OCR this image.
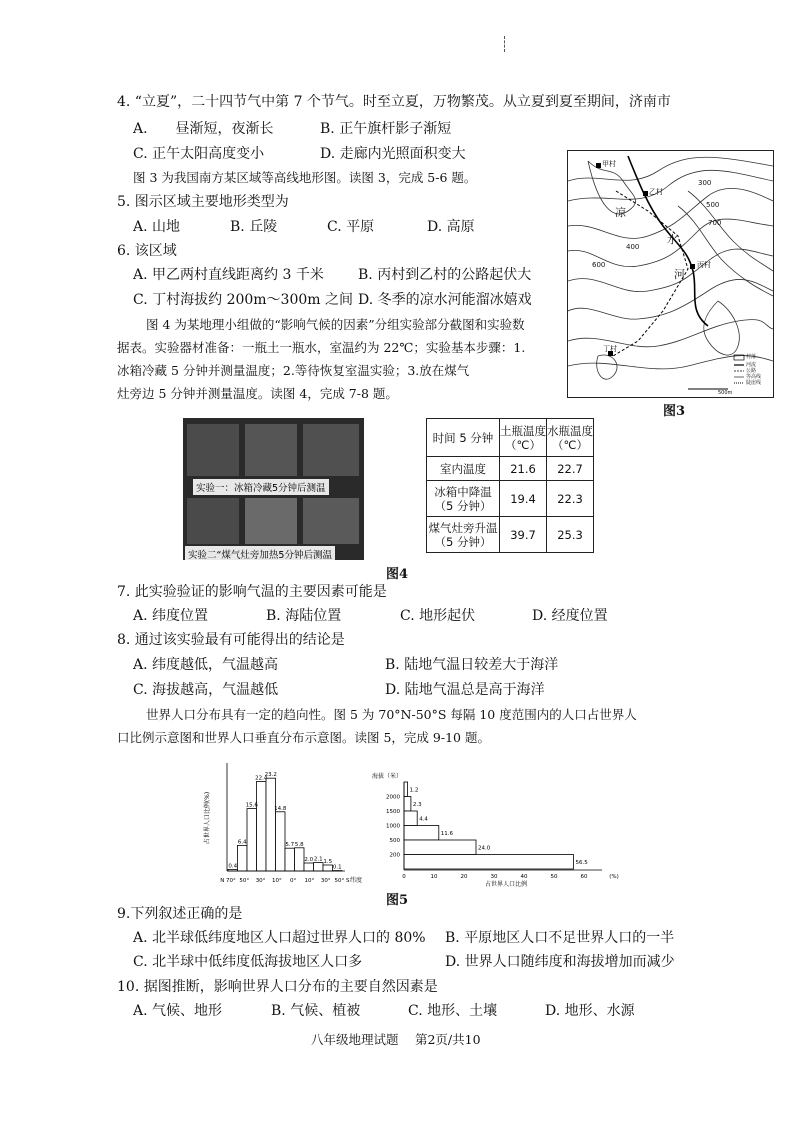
4. “立夏”，二十四节气中第 7 个节气。时至立夏，万物繁茂。从立夏到夏至期间，济南市
A.　　昼渐短，夜渐长	B. 正午旗杆影子渐短
C. 正午太阳高度变小	D. 走廊内光照面积变大
图 3 为我国南方某区域等高线地形图。读图 3，完成 5-6 题。
5. 图示区域主要地形类型为
A. 山地	B. 丘陵	C. 平原	D. 高原
6. 该区域
A. 甲乙两村直线距离约 3 千米 B. 丙村到乙村的公路起伏大
C. 丁村海拔约 200m～300m 之间 D. 冬季的凉水河能溜冰嬉戏
图 4 为某地理小组做的“影响气候的因素”分组实验部分截图和实验数
据表。实验器材准备：一瓶土一瓶水，室温约为 22℃；实验基本步骤：1.
冰箱冷藏 5 分钟并测量温度；2.等待恢复室温实验；3.放在煤气
灶旁边 5 分钟并测量温度。读图 4，完成 7-8 题。
甲村
乙村
丙村
丁村
凉
水
河
300
400
500
600
700
村落
河流
公路
等高线
陡崖线
500m
图3
实验一：冰箱冷藏5分钟后测温
实验二“煤气灶旁加热5分钟后测温
时间 5 分钟	土瓶温度（℃）	水瓶温度（℃）
室内温度	21.6	22.7
冰箱中降温（5 分钟）	19.4	22.3
煤气灶旁升温（5 分钟）	39.7	25.3
图4
7. 此实验验证的影响气温的主要因素可能是
A. 纬度位置	B. 海陆位置	C. 地形起伏	D. 经度位置
8. 通过该实验最有可能得出的结论是
A. 纬度越低，气温越高	B. 陆地气温日较差大于海洋
C. 海拔越高，气温越低	D. 陆地气温总是高于海洋
世界人口分布具有一定的趋向性。图 5 为 70°N-50°S 每隔 10 度范围内的人口占世界人
口比例示意图和世界人口垂直分布示意图。读图 5，完成 9-10 题。
0.4
6.4
15.6
22.4
23.2
14.8
5.7 5.8
2.0 2.1 1.5
0.1
N 70° 50° 30° 10° 0° 10° 30° 50° S
占世界人口比例(%)
纬度
1.2
2.3
4.4
11.6
24.0
56.5
2000
1500
1000
500
200
0	10	20	30	40	50	60	(%)
海拔（米）
占世界人口比例
图5
9.下列叙述正确的是
A. 北半球低纬度地区人口超过世界人口的 80% B. 平原地区人口不足世界人口的一半
C. 北半球中低纬度低海拔地区人口多	D. 世界人口随纬度和海拔增加而减少
10. 据图推断，影响世界人口分布的主要自然因素是
A. 气候、地形	B. 气候、植被	C. 地形、土壤	D. 地形、水源
八年级地理试题　 第2页/共10
